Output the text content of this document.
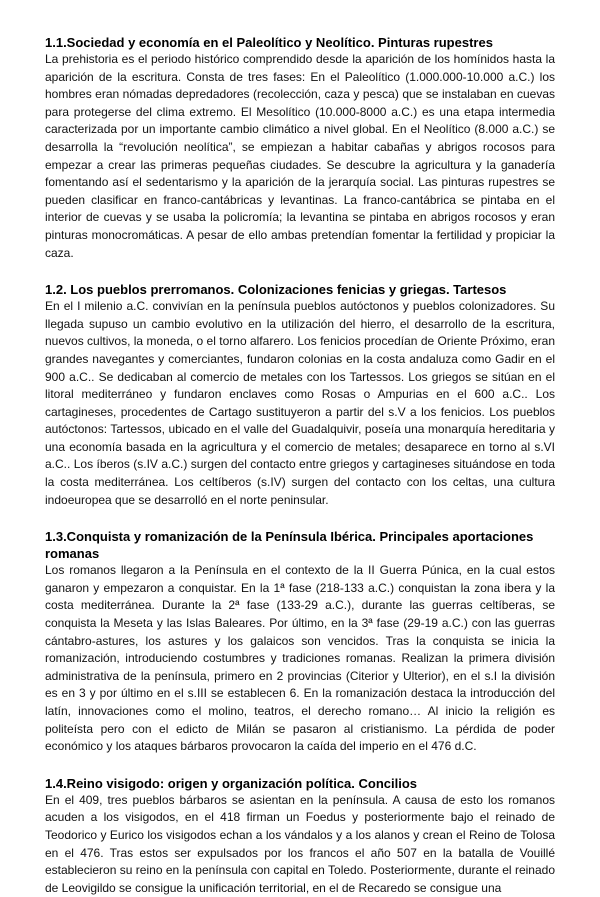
1.1.Sociedad y economía en el Paleolítico y Neolítico. Pinturas rupestres

La prehistoria es el periodo histórico comprendido desde la aparición de los homínidos hasta la aparición de la escritura. Consta de tres fases: En el Paleolítico (1.000.000-10.000 a.C.) los hombres eran nómadas depredadores (recolección, caza y pesca) que se instalaban en cuevas para protegerse del clima extremo. El Mesolítico (10.000-8000 a.C.) es una etapa intermedia caracterizada por un importante cambio climático a nivel global. En el Neolítico (8.000 a.C.) se desarrolla la “revolución neolítica”, se empiezan a habitar cabañas y abrigos rocosos para empezar a crear las primeras pequeñas ciudades. Se descubre la agricultura y la ganadería fomentando así el sedentarismo y la aparición de la jerarquía social. Las pinturas rupestres se pueden clasificar en franco-cantábricas y levantinas. La franco-cantábrica se pintaba en el interior de cuevas y se usaba la policromía; la levantina se pintaba en abrigos rocosos y eran pinturas monocromáticas. A pesar de ello ambas pretendían fomentar la fertilidad y propiciar la caza.

1.2. Los pueblos prerromanos. Colonizaciones fenicias y griegas. Tartesos

En el I milenio a.C. convivían en la península pueblos autóctonos y pueblos colonizadores. Su llegada supuso un cambio evolutivo en la utilización del hierro, el desarrollo de la escritura, nuevos cultivos, la moneda, o el torno alfarero. Los fenicios procedían de Oriente Próximo, eran grandes navegantes y comerciantes, fundaron colonias en la costa andaluza como Gadir en el 900 a.C.. Se dedicaban al comercio de metales con los Tartessos. Los griegos se sitúan en el litoral mediterráneo y fundaron enclaves como Rosas o Ampurias en el 600 a.C.. Los cartagineses, procedentes de Cartago sustituyeron a partir del s.V a los fenicios. Los pueblos autóctonos: Tartessos, ubicado en el valle del Guadalquivir, poseía una monarquía hereditaria y una economía basada en la agricultura y el comercio de metales; desaparece en torno al s.VI a.C.. Los íberos (s.IV a.C.) surgen del contacto entre griegos y cartagineses situándose en toda la costa mediterránea. Los celtíberos (s.IV) surgen del contacto con los celtas, una cultura indoeuropea que se desarrolló en el norte peninsular.

1.3.Conquista y romanización de la Península Ibérica. Principales aportaciones romanas

Los romanos llegaron a la Península en el contexto de la II Guerra Púnica, en la cual estos ganaron y empezaron a conquistar. En la 1ª fase (218-133 a.C.) conquistan la zona ibera y la costa mediterránea. Durante la 2ª fase (133-29 a.C.), durante las guerras celtíberas, se conquista la Meseta y las Islas Baleares. Por último, en la 3ª fase (29-19 a.C.) con las guerras cántabro-astures, los astures y los galaicos son vencidos. Tras la conquista se inicia la romanización, introduciendo costumbres y tradiciones romanas. Realizan la primera división administrativa de la península, primero en 2 provincias (Citerior y Ulterior), en el s.I la división es en 3 y por último en el s.III se establecen 6. En la romanización destaca la introducción del latín, innovaciones como el molino, teatros, el derecho romano… Al inicio la religión es politeísta pero con el edicto de Milán se pasaron al cristianismo. La pérdida de poder económico y los ataques bárbaros provocaron la caída del imperio en el 476 d.C.

1.4.Reino visigodo: origen y organización política. Concilios

En el 409, tres pueblos bárbaros se asientan en la península. A causa de esto los romanos acuden a los visigodos, en el 418 firman un Foedus y posteriormente bajo el reinado de Teodorico y Eurico los visigodos echan a los vándalos y a los alanos y crean el Reino de Tolosa en el 476. Tras estos ser expulsados por los francos el año 507 en la batalla de Vouillé establecieron su reino en la península con capital en Toledo. Posteriormente, durante el reinado de Leovigildo se consigue la unificación territorial, en el de Recaredo se consigue una
